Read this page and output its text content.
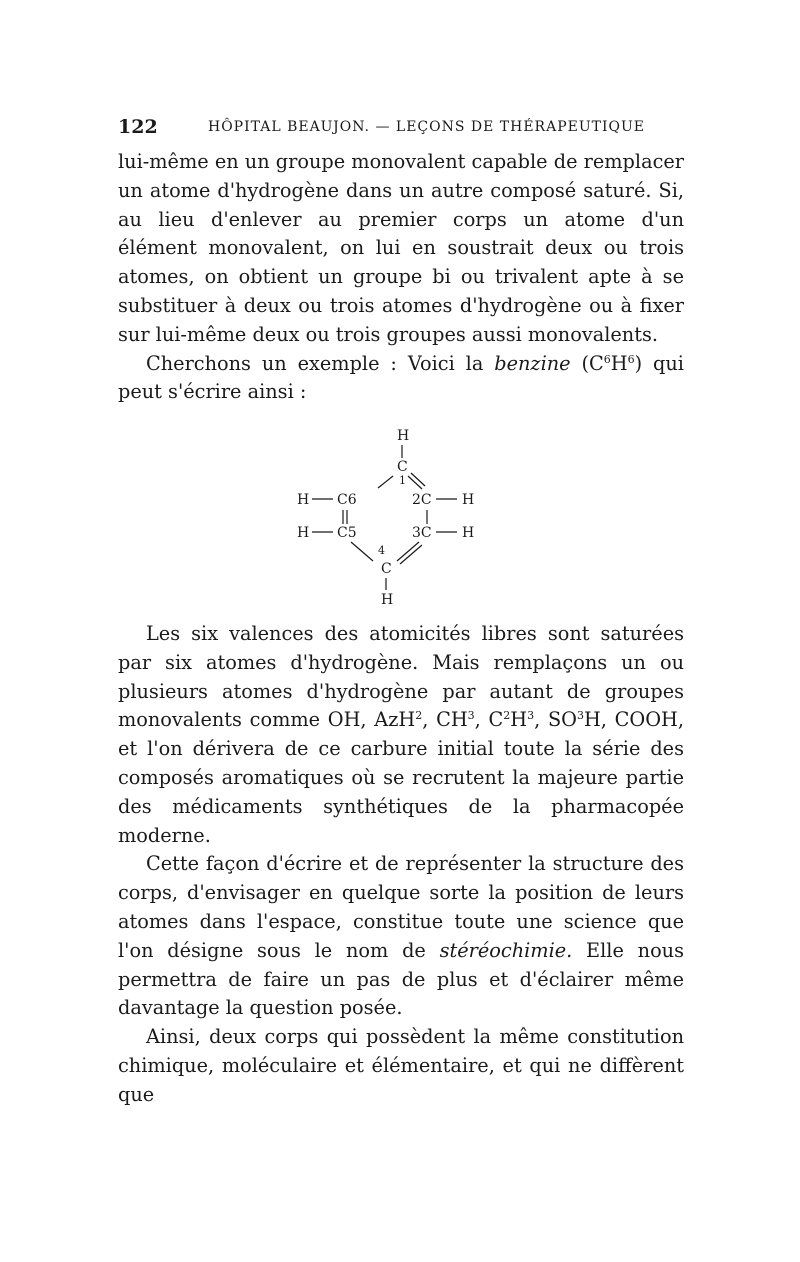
122	HÔPITAL BEAUJON. — LEÇONS DE THÉRAPEUTIQUE

lui-même en un groupe monovalent capable de remplacer un atome d'hydrogène dans un autre composé saturé. Si, au lieu d'enlever au premier corps un atome d'un élément monovalent, on lui en soustrait deux ou trois atomes, on obtient un groupe bi ou trivalent apte à se substituer à deux ou trois atomes d'hydrogène ou à fixer sur lui-même deux ou trois groupes aussi monovalents.

Cherchons un exemple : Voici la benzine $(C^6H^6)$ qui peut s'écrire ainsi :

H
C
1
H C6	2C H
H C5	3C H
4
C
H

Les six valences des atomicités libres sont saturées par six atomes d'hydrogène. Mais remplaçons un ou plusieurs atomes d'hydrogène par autant de groupes monovalents comme OH, AzH$^2$, $CH^3$, $C^2H^3$, $SO^3H$, COOH, et l'on dérivera de ce carbure initial toute la série des composés aromatiques où se recrutent la majeure partie des médicaments synthétiques de la pharmacopée moderne.

Cette façon d'écrire et de représenter la structure des corps, d'envisager en quelque sorte la position de leurs atomes dans l'espace, constitue toute une science que l'on désigne sous le nom de stéréochimie. Elle nous permettra de faire un pas de plus et d'éclairer même davantage la question posée.

Ainsi, deux corps qui possèdent la même constitution chimique, moléculaire et élémentaire, et qui ne diffèrent que
